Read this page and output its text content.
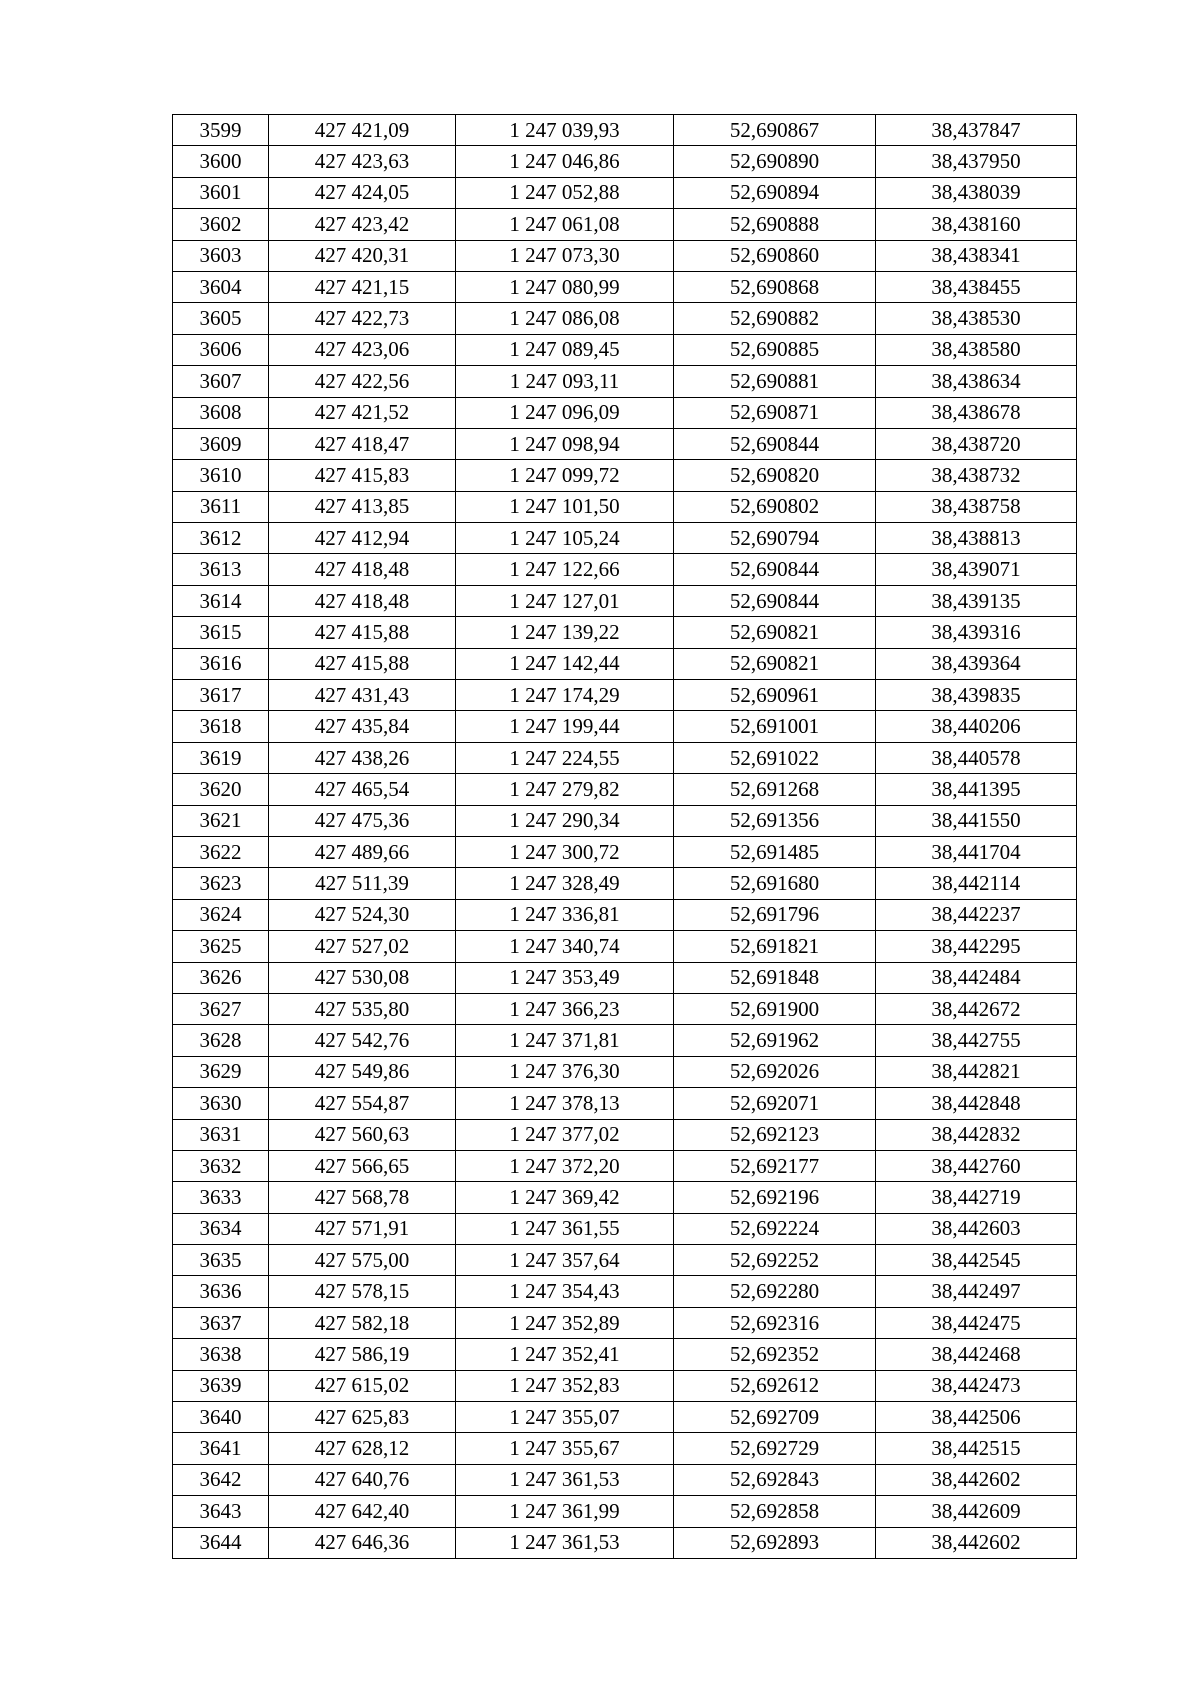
3599	427 421,09	1 247 039,93	52,690867	38,437847
3600	427 423,63	1 247 046,86	52,690890	38,437950
3601	427 424,05	1 247 052,88	52,690894	38,438039
3602	427 423,42	1 247 061,08	52,690888	38,438160
3603	427 420,31	1 247 073,30	52,690860	38,438341
3604	427 421,15	1 247 080,99	52,690868	38,438455
3605	427 422,73	1 247 086,08	52,690882	38,438530
3606	427 423,06	1 247 089,45	52,690885	38,438580
3607	427 422,56	1 247 093,11	52,690881	38,438634
3608	427 421,52	1 247 096,09	52,690871	38,438678
3609	427 418,47	1 247 098,94	52,690844	38,438720
3610	427 415,83	1 247 099,72	52,690820	38,438732
3611	427 413,85	1 247 101,50	52,690802	38,438758
3612	427 412,94	1 247 105,24	52,690794	38,438813
3613	427 418,48	1 247 122,66	52,690844	38,439071
3614	427 418,48	1 247 127,01	52,690844	38,439135
3615	427 415,88	1 247 139,22	52,690821	38,439316
3616	427 415,88	1 247 142,44	52,690821	38,439364
3617	427 431,43	1 247 174,29	52,690961	38,439835
3618	427 435,84	1 247 199,44	52,691001	38,440206
3619	427 438,26	1 247 224,55	52,691022	38,440578
3620	427 465,54	1 247 279,82	52,691268	38,441395
3621	427 475,36	1 247 290,34	52,691356	38,441550
3622	427 489,66	1 247 300,72	52,691485	38,441704
3623	427 511,39	1 247 328,49	52,691680	38,442114
3624	427 524,30	1 247 336,81	52,691796	38,442237
3625	427 527,02	1 247 340,74	52,691821	38,442295
3626	427 530,08	1 247 353,49	52,691848	38,442484
3627	427 535,80	1 247 366,23	52,691900	38,442672
3628	427 542,76	1 247 371,81	52,691962	38,442755
3629	427 549,86	1 247 376,30	52,692026	38,442821
3630	427 554,87	1 247 378,13	52,692071	38,442848
3631	427 560,63	1 247 377,02	52,692123	38,442832
3632	427 566,65	1 247 372,20	52,692177	38,442760
3633	427 568,78	1 247 369,42	52,692196	38,442719
3634	427 571,91	1 247 361,55	52,692224	38,442603
3635	427 575,00	1 247 357,64	52,692252	38,442545
3636	427 578,15	1 247 354,43	52,692280	38,442497
3637	427 582,18	1 247 352,89	52,692316	38,442475
3638	427 586,19	1 247 352,41	52,692352	38,442468
3639	427 615,02	1 247 352,83	52,692612	38,442473
3640	427 625,83	1 247 355,07	52,692709	38,442506
3641	427 628,12	1 247 355,67	52,692729	38,442515
3642	427 640,76	1 247 361,53	52,692843	38,442602
3643	427 642,40	1 247 361,99	52,692858	38,442609
3644	427 646,36	1 247 361,53	52,692893	38,442602
